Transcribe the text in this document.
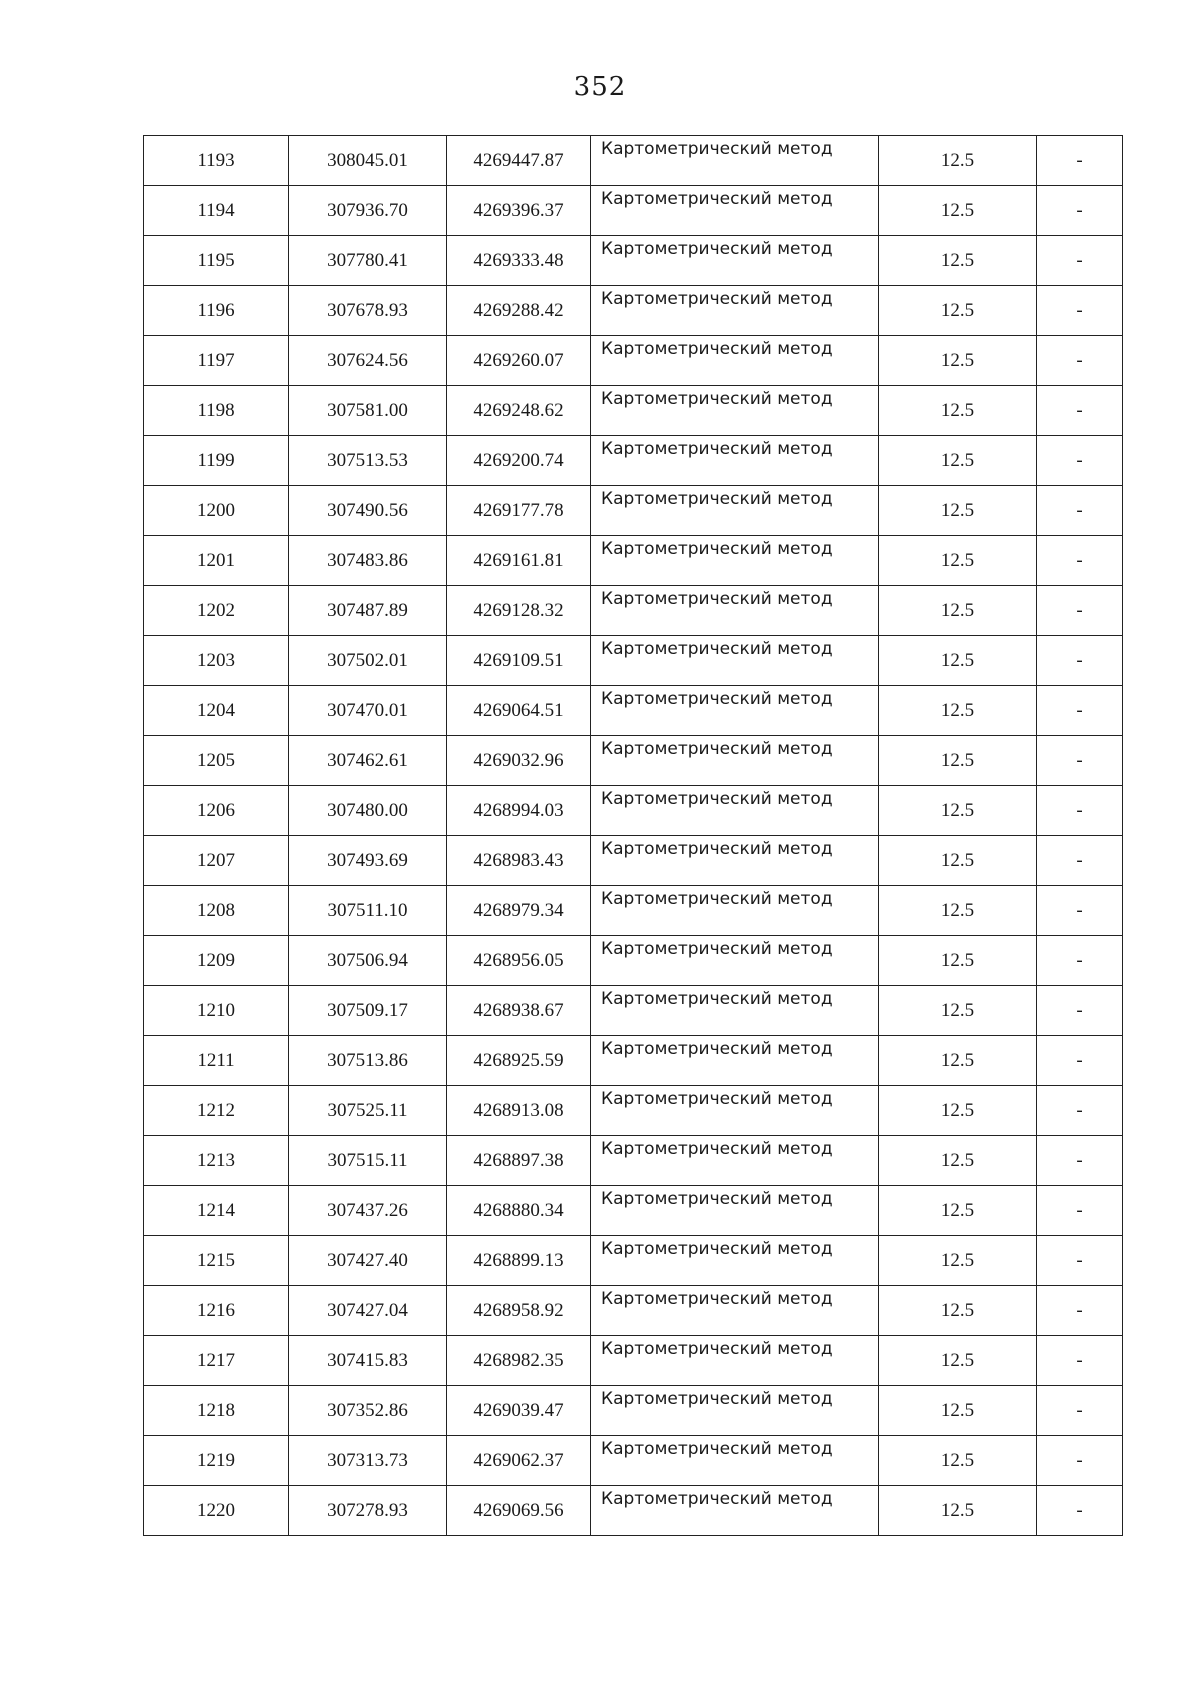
352
1193	308045.01	4269447.87	Картометрический метод	12.5	-
1194	307936.70	4269396.37	Картометрический метод	12.5	-
1195	307780.41	4269333.48	Картометрический метод	12.5	-
1196	307678.93	4269288.42	Картометрический метод	12.5	-
1197	307624.56	4269260.07	Картометрический метод	12.5	-
1198	307581.00	4269248.62	Картометрический метод	12.5	-
1199	307513.53	4269200.74	Картометрический метод	12.5	-
1200	307490.56	4269177.78	Картометрический метод	12.5	-
1201	307483.86	4269161.81	Картометрический метод	12.5	-
1202	307487.89	4269128.32	Картометрический метод	12.5	-
1203	307502.01	4269109.51	Картометрический метод	12.5	-
1204	307470.01	4269064.51	Картометрический метод	12.5	-
1205	307462.61	4269032.96	Картометрический метод	12.5	-
1206	307480.00	4268994.03	Картометрический метод	12.5	-
1207	307493.69	4268983.43	Картометрический метод	12.5	-
1208	307511.10	4268979.34	Картометрический метод	12.5	-
1209	307506.94	4268956.05	Картометрический метод	12.5	-
1210	307509.17	4268938.67	Картометрический метод	12.5	-
1211	307513.86	4268925.59	Картометрический метод	12.5	-
1212	307525.11	4268913.08	Картометрический метод	12.5	-
1213	307515.11	4268897.38	Картометрический метод	12.5	-
1214	307437.26	4268880.34	Картометрический метод	12.5	-
1215	307427.40	4268899.13	Картометрический метод	12.5	-
1216	307427.04	4268958.92	Картометрический метод	12.5	-
1217	307415.83	4268982.35	Картометрический метод	12.5	-
1218	307352.86	4269039.47	Картометрический метод	12.5	-
1219	307313.73	4269062.37	Картометрический метод	12.5	-
1220	307278.93	4269069.56	Картометрический метод	12.5	-
